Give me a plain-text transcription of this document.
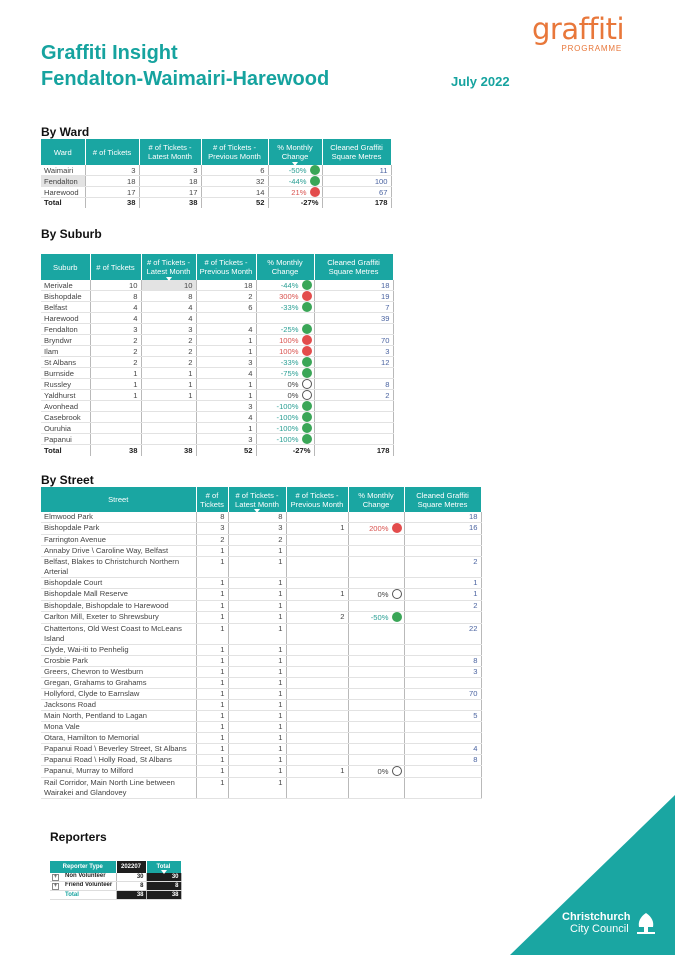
graffiti
PROGRAMME
Graffiti Insight
Fendalton-Waimairi-Harewood	July 2022
By Ward
Ward	# of Tickets	# of Tickets - Latest Month	# of Tickets - Previous Month	% Monthly Change	Cleaned Graffiti Square Metres
Waimairi	3	3	6	-50%	11
Fendalton	18	18	32	-44%	100
Harewood	17	17	14	21%	67
Total	38	38	52	-27%	178
By Suburb
Suburb	# of Tickets	# of Tickets - Latest Month	# of Tickets - Previous Month	% Monthly Change	Cleaned Graffiti Square Metres
Merivale	10	10	18	-44%	18
Bishopdale	8	8	2	300%	19
Belfast	4	4	6	-33%	7
Harewood	4	4			39
Fendalton	3	3	4	-25%	
Bryndwr	2	2	1	100%	70
Ilam	2	2	1	100%	3
St Albans	2	2	3	-33%	12
Burnside	1	1	4	-75%	
Russley	1	1	1	0%	8
Yaldhurst	1	1	1	0%	2
Avonhead			3	-100%	
Casebrook			4	-100%	
Ouruhia			1	-100%	
Papanui			3	-100%	
Total	38	38	52	-27%	178
By Street
Street	# of Tickets	# of Tickets - Latest Month	# of Tickets - Previous Month	% Monthly Change	Cleaned Graffiti Square Metres
Elmwood Park	8	8			18
Bishopdale Park	3	3	1	200%	16
Farrington Avenue	2	2			
Annaby Drive \ Caroline Way, Belfast	1	1			
Belfast, Blakes to Christchurch Northern Arterial	1	1			2
Bishopdale Court	1	1			1
Bishopdale Mall Reserve	1	1	1	0%	1
Bishopdale, Bishopdale to Harewood	1	1			2
Carlton Mill, Exeter to Shrewsbury	1	1	2	-50%	
Chattertons, Old West Coast to McLeans Island	1	1			22
Clyde, Wai-iti to Penhelig	1	1			
Crosbie Park	1	1			8
Greers, Chevron to Westburn	1	1			3
Gregan, Grahams to Grahams	1	1			
Hollyford, Clyde to Earnslaw	1	1			70
Jacksons Road	1	1			
Main North, Pentland to Lagan	1	1			5
Mona Vale	1	1			
Otara, Hamilton to Memorial	1	1			
Papanui Road \ Beverley Street, St Albans	1	1			4
Papanui Road \ Holly Road, St Albans	1	1			8
Papanui, Murray to Milford	1	1	1	0%	
Rail Corridor, Main North Line between Wairakei and Glandovey	1	1			
Reporters
Reporter Type	202207	Total

+ Non Volunteer	30	30
+ Friend Volunteer	8	8
Total	38	38
Christchurch
City Council
